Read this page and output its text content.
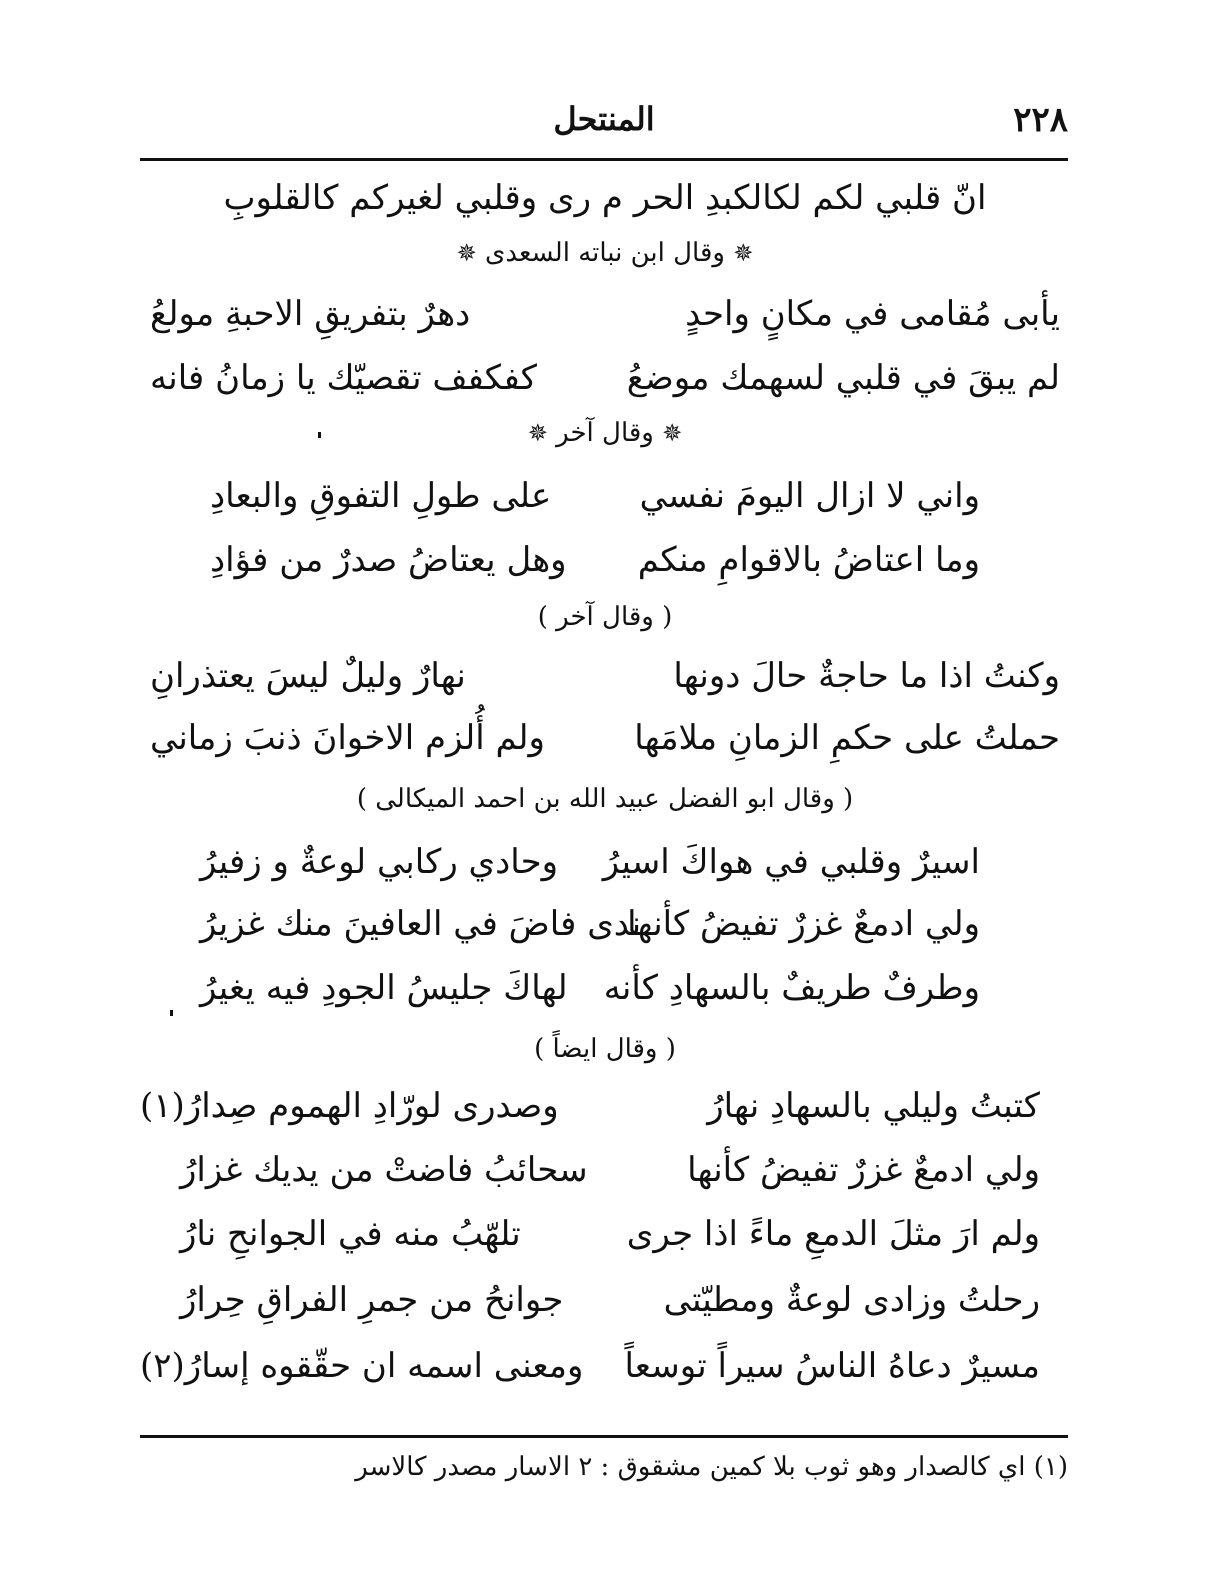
٢٢٨
المنتحل
انّ قلبي لكم لكالكبدِ الحر م رى وقلبي لغيركم كالقلوبِ
✵ وقال ابن نباته السعدى ✵
يأبى مُقامى في مكانٍ واحدٍ
دهرٌ بتفريقِ الاحبةِ مولعُ
لم يبقَ في قلبي لسهمك موضعُ
كفكفف تقصيّك يا زمانُ فانه
✵ وقال آخر ✵
واني لا ازال اليومَ نفسي
على طولِ التفوقِ والبعادِ
وما اعتاضُ بالاقوامِ منكم
وهل يعتاضُ صدرٌ من فؤادِ
( وقال آخر )
وكنتُ اذا ما حاجةٌ حالَ دونها
نهارٌ وليلٌ ليسَ يعتذرانِ
حملتُ على حكمِ الزمانِ ملامَها
ولم أُلزم الاخوانَ ذنبَ زماني
( وقال ابو الفضل عبيد الله بن احمد الميكالى )
اسيرٌ وقلبي في هواكَ اسيرُ
وحادي ركابي لوعةٌ و زفيرُ
ولي ادمعٌ غزرٌ تفيضُ كأنها
ندى فاضَ في العافينَ منك غزيرُ
وطرفٌ طريفٌ بالسهادِ كأنه
لهاكَ جليسُ الجودِ فيه يغيرُ
( وقال ايضاً )
كتبتُ وليلي بالسهادِ نهارُ
وصدرى لورّادِ الهموم صِدارُ(١)
ولي ادمعٌ غزرٌ تفيضُ كأنها
سحائبُ فاضتْ من يديك غزارُ
ولم ارَ مثلَ الدمعِ ماءً اذا جرى
تلهّبُ منه في الجوانحِ نارُ
رحلتُ وزادى لوعةٌ ومطيّتى
جوانحُ من جمرِ الفراقِ حِرارُ
مسيرٌ دعاهُ الناسُ سيراً توسعاً
ومعنى اسمه ان حقّقوه إسارُ(٢)
(١) اي كالصدار وهو ثوب بلا كمين مشقوق : ٢ الاسار مصدر كالاسر
